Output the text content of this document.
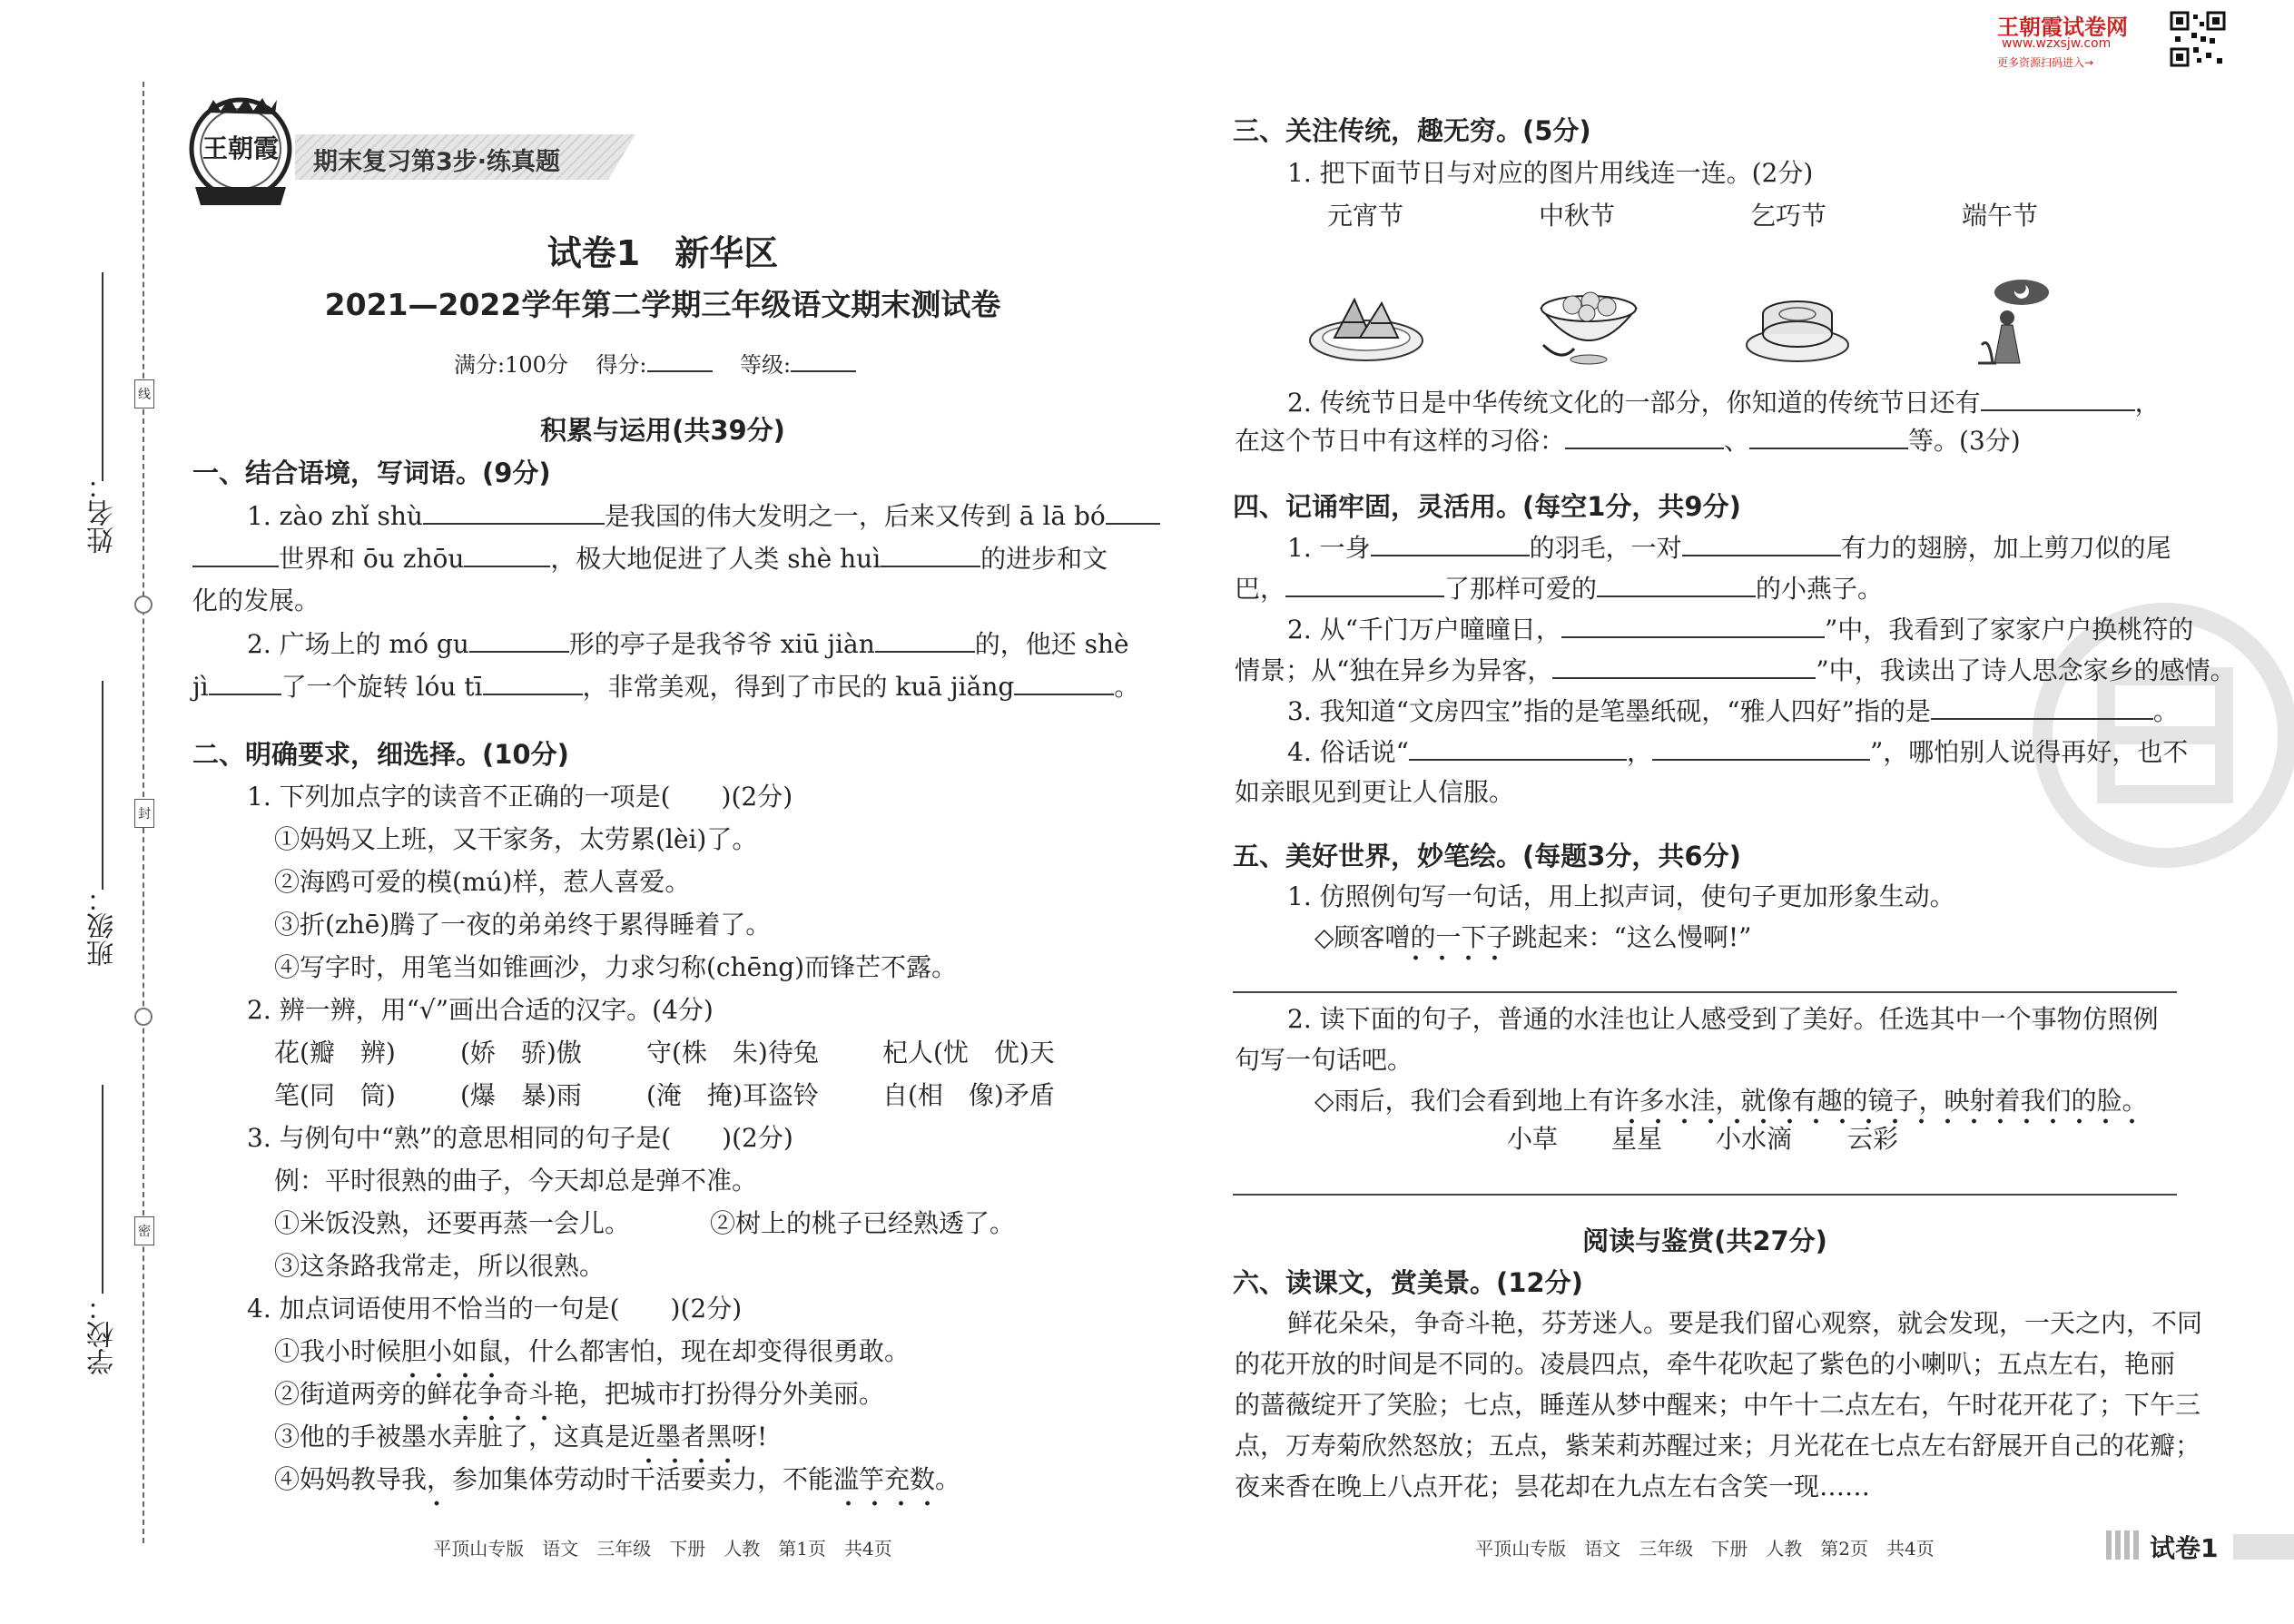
线
封
密
姓名：
班级：
学校：
王朝霞 期末复习第3步·练真题
王朝霞试卷网
www.wzxsjw.com
更多资源扫码进入→
试卷1　新华区
2021—2022学年第二学期三年级语文期末测试卷
满分:100分 得分:	等级:
积累与运用(共39分)
一、结合语境，写词语。(9分)
1. zào zhǐ shù	是我国的伟大发明之一，后来又传到 ā lā bó
世界和 ōu zhōu	，极大地促进了人类 shè huì	的进步和文
化的发展。
2. 广场上的 mó gu	形的亭子是我爷爷 xiū jiàn	的，他还 shè
jì	了一个旋转 lóu tī	，非常美观，得到了市民的 kuā jiǎng	。
二、明确要求，细选择。(10分)
1. 下列加点字的读音不正确的一项是(　　)(2分)
①妈妈又上班，又干家务，太劳累(lèi)了。
②海鸥可爱的模(mú)样，惹人喜爱。
③折(zhē)腾了一夜的弟弟终于累得睡着了。
④写字时，用笔当如锥画沙，力求匀称(chēng)而锋芒不露。
2. 辨一辨，用“√”画出合适的汉字。(4分)
花(瓣　辨)	(娇　骄)傲	守(株　朱)待兔	杞人(忧　优)天
笔(同　筒)	(爆　暴)雨	(淹　掩)耳盗铃	自(相　像)矛盾
3. 与例句中“熟”的意思相同的句子是(　　)(2分)
例：平时很熟的曲子，今天却总是弹不准。
①米饭没熟，还要再蒸一会儿。	②树上的桃子已经熟透了。
③这条路我常走，所以很熟。
4. 加点词语使用不恰当的一句是(　　)(2分)
①我小时候胆小如鼠，什么都害怕，现在却变得很勇敢。
②街道两旁的鲜花争奇斗艳，把城市打扮得分外美丽。
③他的手被墨水弄脏了，这真是近墨者黑呀!
④妈妈教导我，参加集体劳动时干活要卖力，不能滥竽充数。
平顶山专版　语文　三年级　下册　人教　第1页　共4页
三、关注传统，趣无穷。(5分)
1. 把下面节日与对应的图片用线连一连。(2分)
元宵节	中秋节	乞巧节	端午节
2. 传统节日是中华传统文化的一部分，你知道的传统节日还有	，
在这个节日中有这样的习俗：	、	等。(3分)
四、记诵牢固，灵活用。(每空1分，共9分)
1. 一身	的羽毛，一对	有力的翅膀，加上剪刀似的尾
巴，	了那样可爱的	的小燕子。
2. 从“千门万户曈曈日，	”中，我看到了家家户户换桃符的
情景；从“独在异乡为异客，	”中，我读出了诗人思念家乡的感情。
3. 我知道“文房四宝”指的是笔墨纸砚，“雅人四好”指的是	。
4. 俗话说“	，	”，哪怕别人说得再好，也不
如亲眼见到更让人信服。
五、美好世界，妙笔绘。(每题3分，共6分)
1. 仿照例句写一句话，用上拟声词，使句子更加形象生动。
◇顾客噌的一下子跳起来：“这么慢啊!”
2. 读下面的句子，普通的水洼也让人感受到了美好。任选其中一个事物仿照例
句写一句话吧。
◇雨后，我们会看到地上有许多水洼，就像有趣的镜子，映射着我们的脸。
小草 星星 小水滴 云彩
阅读与鉴赏(共27分)
六、读课文，赏美景。(12分)
鲜花朵朵，争奇斗艳，芬芳迷人。要是我们留心观察，就会发现，一天之内，不同
的花开放的时间是不同的。凌晨四点，牵牛花吹起了紫色的小喇叭；五点左右，艳丽
的蔷薇绽开了笑脸；七点，睡莲从梦中醒来；中午十二点左右，午时花开花了；下午三
点，万寿菊欣然怒放；五点，紫茉莉苏醒过来；月光花在七点左右舒展开自己的花瓣；
夜来香在晚上八点开花；昙花却在九点左右含笑一现……
平顶山专版　语文　三年级　下册　人教　第2页　共4页	试卷1
